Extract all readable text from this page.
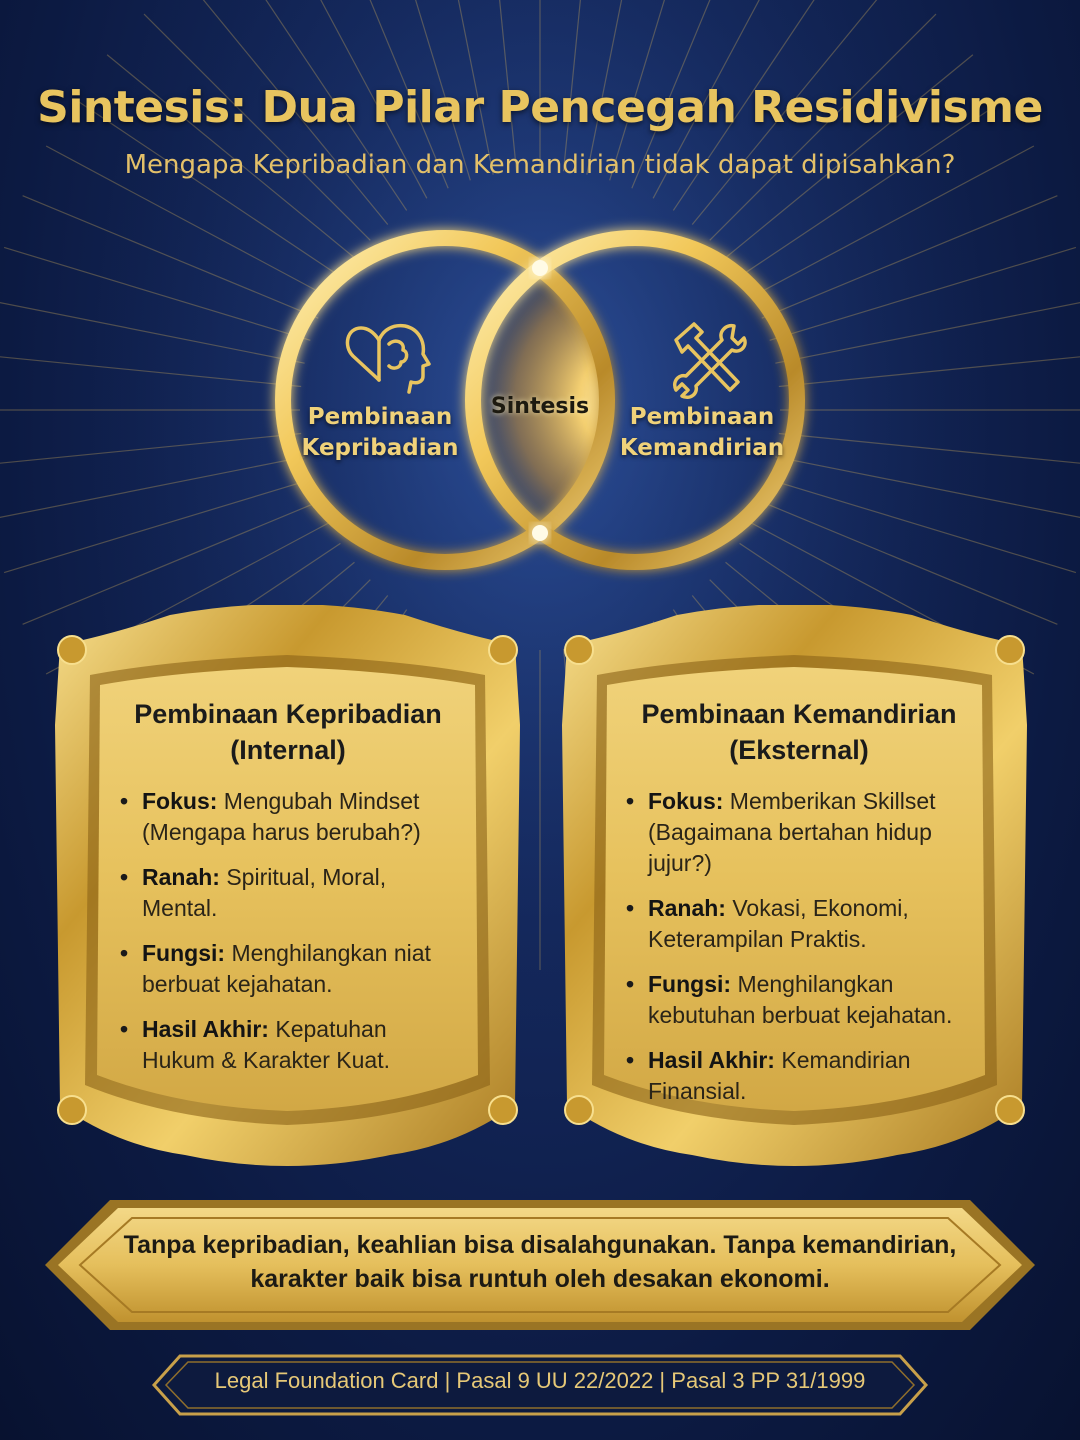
Sintesis: Dua Pilar Pencegah Residivisme
Mengapa Kepribadian dan Kemandirian tidak dapat dipisahkan?
Pembinaan
Kepribadian
Sintesis	Pembinaan
Kemandirian
Pembinaan Kepribadian
(Internal)
• Fokus: Mengubah Mindset (Mengapa harus berubah?)
• Ranah: Spiritual, Moral, Mental.
• Fungsi: Menghilangkan niat berbuat kejahatan.
• Hasil Akhir: Kepatuhan Hukum & Karakter Kuat.
Pembinaan Kemandirian
(Eksternal)
• Fokus: Memberikan Skillset (Bagaimana bertahan hidup jujur?)
• Ranah: Vokasi, Ekonomi, Keterampilan Praktis.
• Fungsi: Menghilangkan kebutuhan berbuat kejahatan.
• Hasil Akhir: Kemandirian Finansial.
Tanpa kepribadian, keahlian bisa disalahgunakan. Tanpa kemandirian, karakter baik bisa runtuh oleh desakan ekonomi.
Legal Foundation Card | Pasal 9 UU 22/2022 | Pasal 3 PP 31/1999
